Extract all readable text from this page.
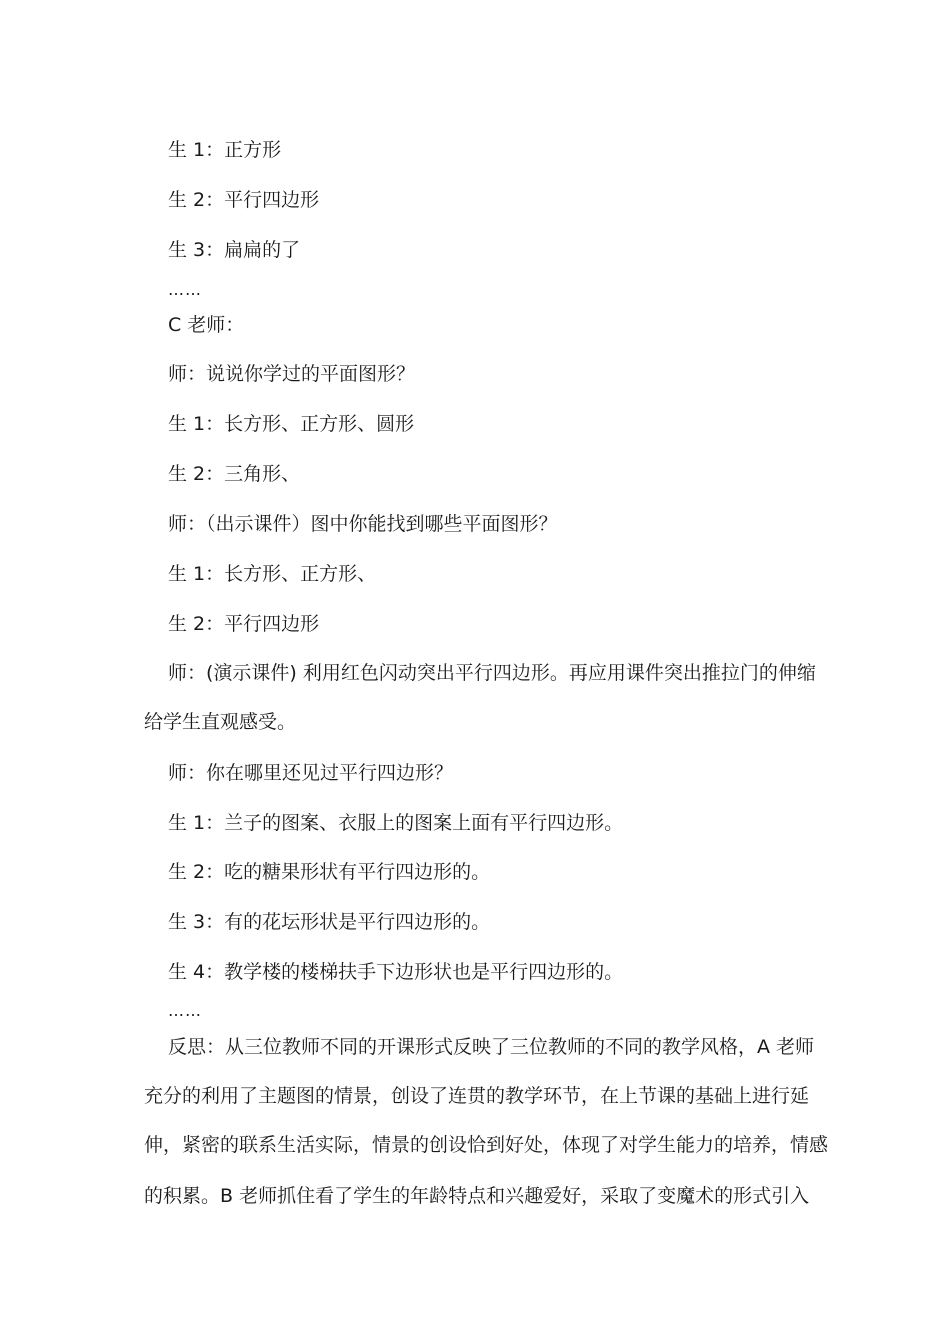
生 1：正方形
生 2：平行四边形
生 3：扁扁的了
……
C 老师：
师：说说你学过的平面图形？
生 1：长方形、正方形、圆形
生 2：三角形、
师：（出示课件）图中你能找到哪些平面图形？
生 1：长方形、正方形、
生 2：平行四边形
师：(演示课件) 利用红色闪动突出平行四边形。再应用课件突出推拉门的伸缩
给学生直观感受。
师：你在哪里还见过平行四边形？
生 1：兰子的图案、衣服上的图案上面有平行四边形。
生 2：吃的糖果形状有平行四边形的。
生 3：有的花坛形状是平行四边形的。
生 4：教学楼的楼梯扶手下边形状也是平行四边形的。
……
反思：从三位教师不同的开课形式反映了三位教师的不同的教学风格，A 老师
充分的利用了主题图的情景，创设了连贯的教学环节，在上节课的基础上进行延
伸，紧密的联系生活实际，情景的创设恰到好处，体现了对学生能力的培养，情感
的积累。B 老师抓住看了学生的年龄特点和兴趣爱好，采取了变魔术的形式引入
